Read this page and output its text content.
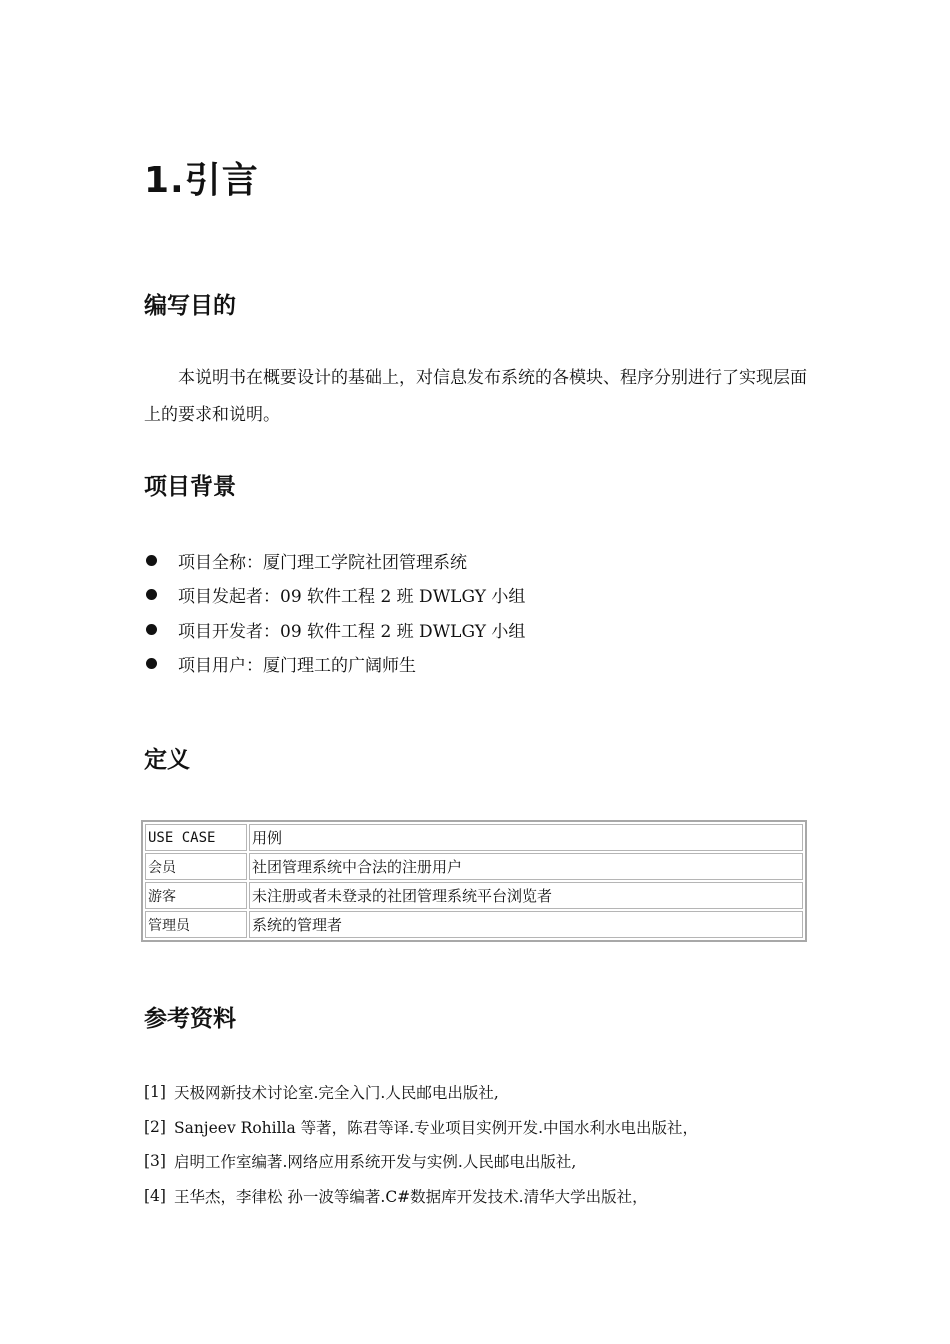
1.引言
编写目的
本说明书在概要设计的基础上，对信息发布系统的各模块、程序分别进行了实现层面上的要求和说明。
项目背景
项目全称：厦门理工学院社团管理系统
项目发起者：09 软件工程 2 班 DWLGY 小组
项目开发者：09 软件工程 2 班 DWLGY 小组
项目用户：厦门理工的广阔师生
定义
USE CASE	用例
会员	社团管理系统中合法的注册用户
游客	未注册或者未登录的社团管理系统平台浏览者
管理员	系统的管理者
参考资料
[1] 天极网新技术讨论室.完全入门.人民邮电出版社,
[2] Sanjeev Rohilla 等著，陈君等译.专业项目实例开发.中国水利水电出版社，
[3] 启明工作室编著.网络应用系统开发与实例.人民邮电出版社,
[4] 王华杰，李律松 孙一波等编著.C#数据库开发技术.清华大学出版社，
